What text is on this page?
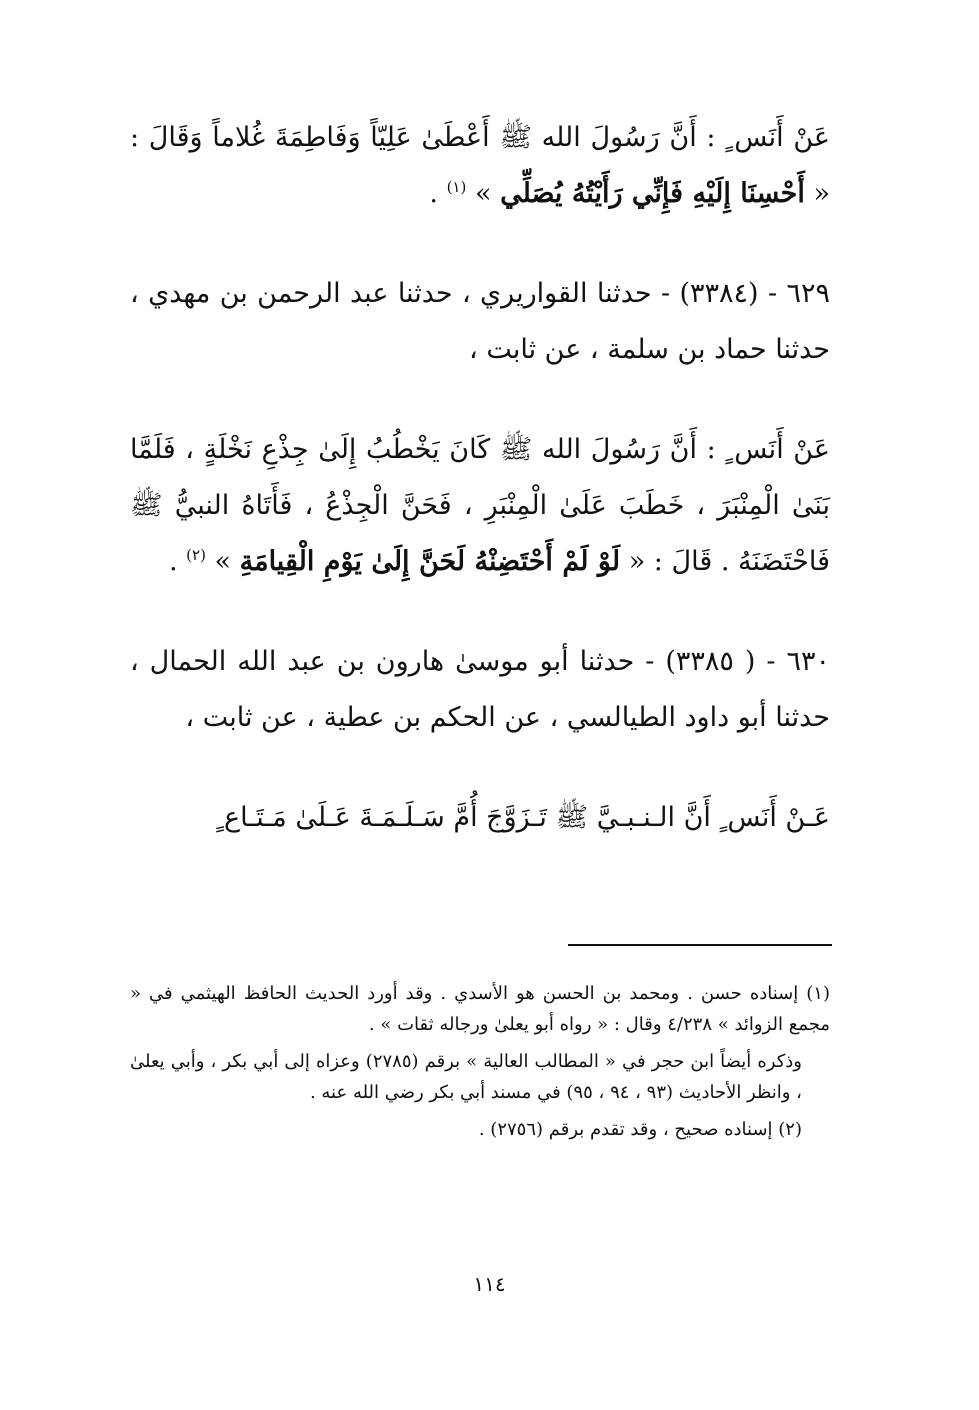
عَنْ أَنَس ٍ : أَنَّ رَسُولَ الله ﷺ أَعْطَىٰ عَلِيّاً وَفَاطِمَةَ غُلاماً وَقَالَ : « أَحْسِنَا إِلَيْهِ فَإِنِّي رَأَيْتُهُ يُصَلِّي » $^{(١)}$ .

٦٢٩ - (٣٣٨٤) - حدثنا القواريري ، حدثنا عبد الرحمن بن مهدي ، حدثنا حماد بن سلمة ، عن ثابت ،

عَنْ أَنَس ٍ : أَنَّ رَسُولَ الله ﷺ كَانَ يَخْطُبُ إِلَىٰ جِذْعِ نَخْلَةٍ ، فَلَمَّا بَنَىٰ الْمِنْبَرَ ، خَطَبَ عَلَىٰ الْمِنْبَرِ ، فَحَنَّ الْجِذْعُ ، فَأَتَاهُ النبيُّ ﷺ فَاحْتَضَنَهُ . قَالَ : « لَوْ لَمْ أَحْتَضِنْهُ لَحَنَّ إِلَىٰ يَوْمِ الْقِيامَةِ » $^{(٢)}$ .

٦٣٠ - ( ٣٣٨٥) - حدثنا أبو موسىٰ هارون بن عبد الله الحمال ، حدثنا أبو داود الطيالسي ، عن الحكم بن عطية ، عن ثابت ،

عَـنْ أَنَس ٍ أَنَّ الـنـبـيَّ ﷺ تَـزَوَّجَ أُمَّ سَـلَـمَـةَ عَـلَىٰ مَـتَـاع ٍ

(١) إسناده حسن . ومحمد بن الحسن هو الأسدي . وقد أورد الحديث الحافظ الهيثمي في « مجمع الزوائد » ٤/٢٣٨ وقال : « رواه أبو يعلىٰ ورجاله ثقات » .

وذكره أيضاً ابن حجر في « المطالب العالية » برقم (٢٧٨٥) وعزاه إلى أبي بكر ، وأبي يعلىٰ ، وانظر الأحاديث (٩٣ ، ٩٤ ، ٩٥) في مسند أبي بكر رضي الله عنه .

(٢) إسناده صحيح ، وقد تقدم برقم (٢٧٥٦) .

١١٤
